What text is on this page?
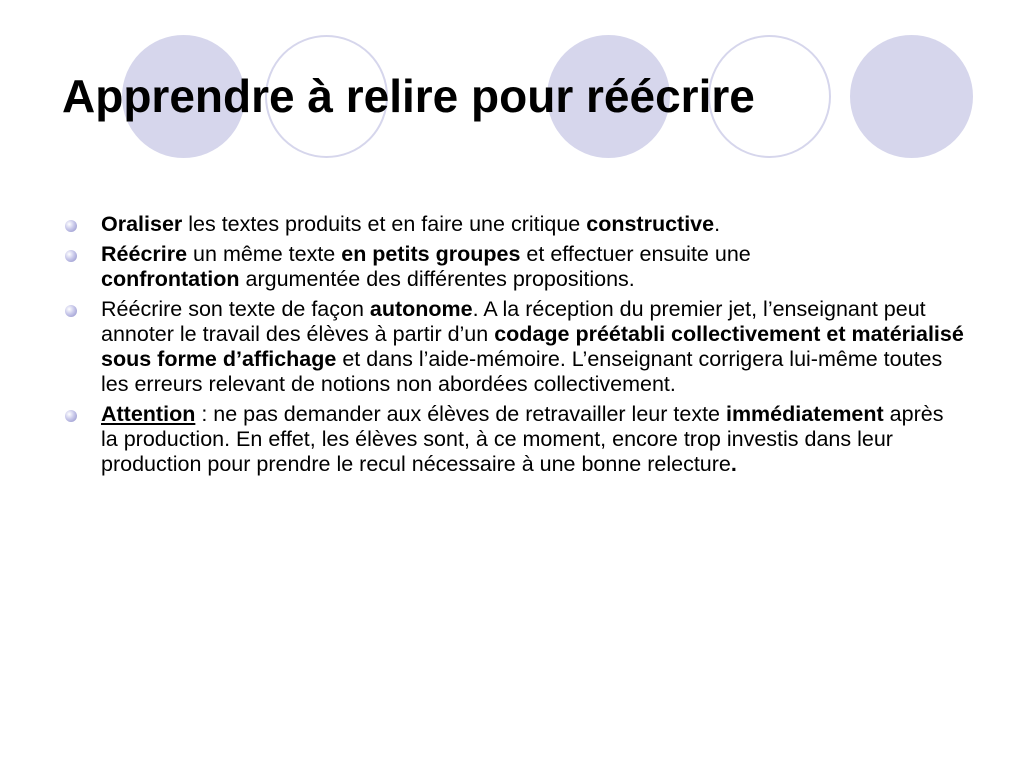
Apprendre à relire pour réécrire
Oraliser les textes produits et en faire une critique constructive.
Réécrire un même texte en petits groupes et effectuer ensuite une
confrontation argumentée des différentes propositions.
Réécrire son texte de façon autonome. A la réception du premier jet, l’enseignant peut annoter le travail des élèves à partir d’un codage préétabli collectivement et matérialisé sous forme d’affichage et dans l’aide-mémoire. L’enseignant corrigera lui-même toutes les erreurs relevant de notions non abordées collectivement.
Attention : ne pas demander aux élèves de retravailler leur texte immédiatement après la production. En effet, les élèves sont, à ce moment, encore trop investis dans leur production pour prendre le recul nécessaire à une bonne relecture.
